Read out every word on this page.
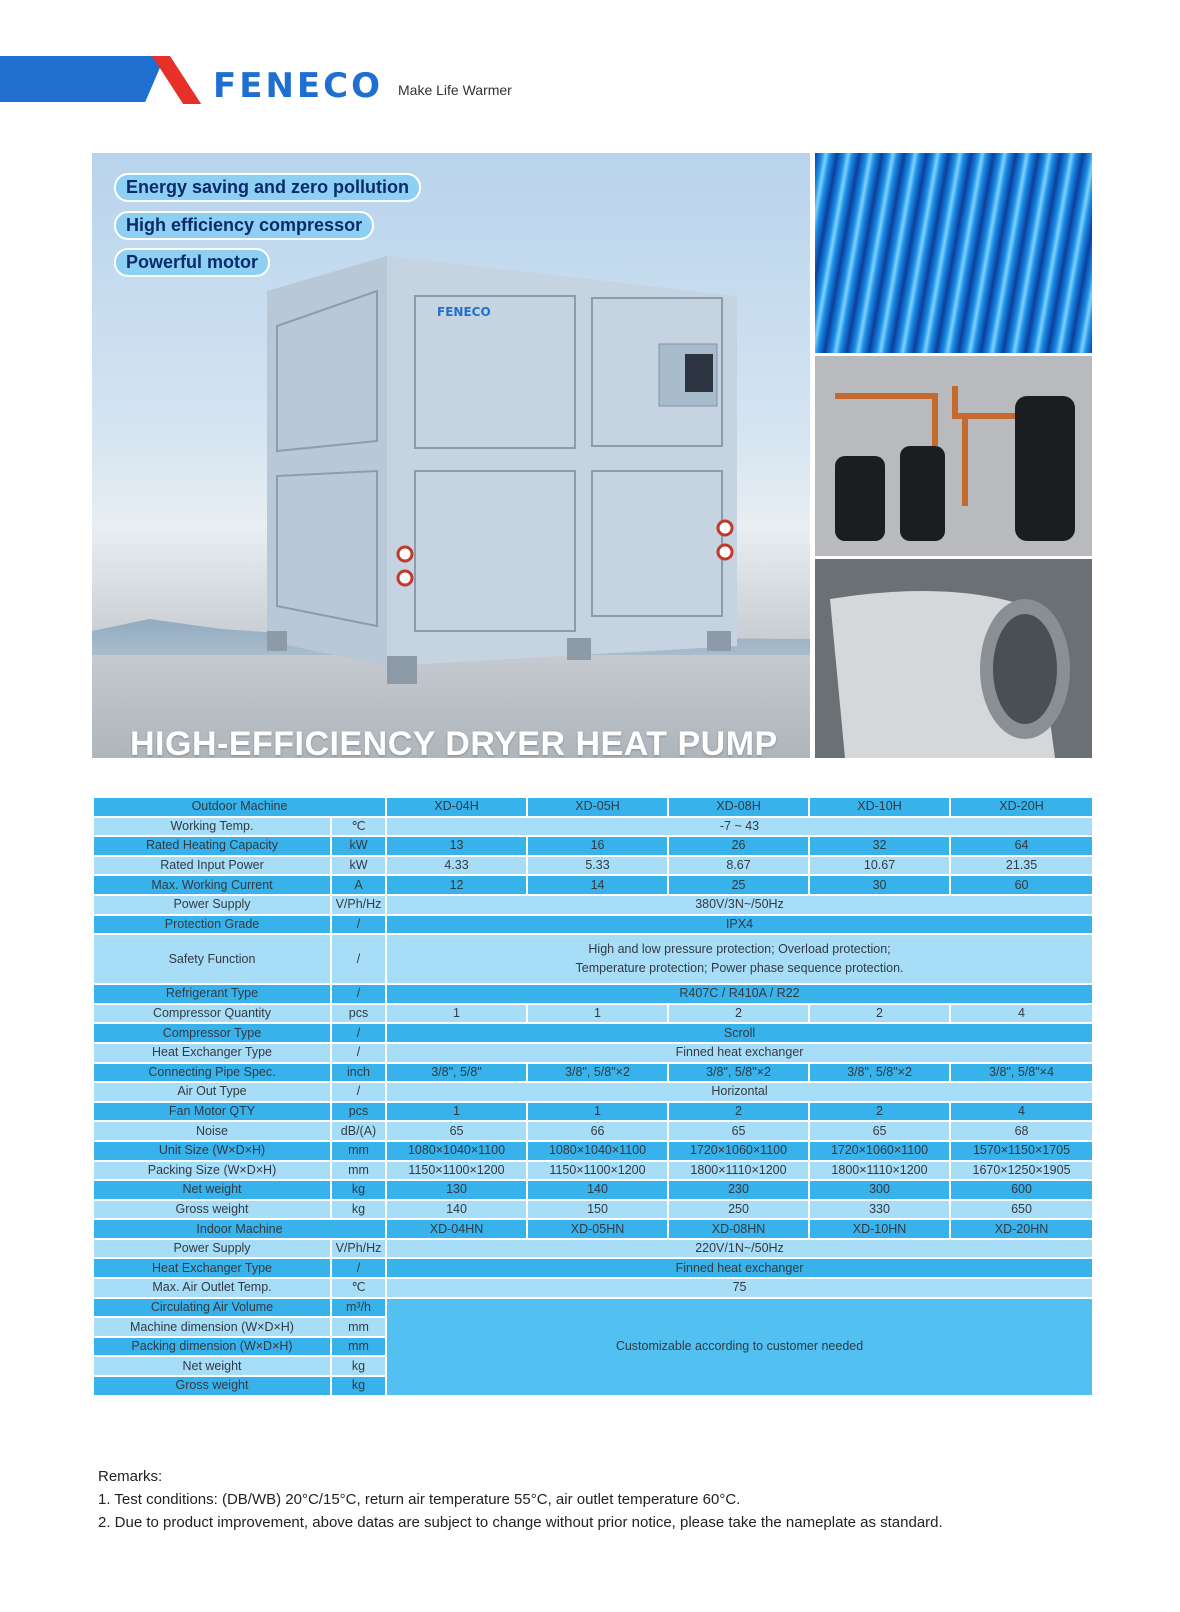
FENECO Make Life Warmer
FENECO
Energy saving and zero pollution
High efficiency compressor
Powerful motor
HIGH-EFFICIENCY DRYER HEAT PUMP
Outdoor Machine		XD-04H	XD-05H	XD-08H	XD-10H	XD-20H
Working Temp.	℃	-7 ~ 43				
Rated Heating Capacity	kW	13	16	26	32	64
Rated Input Power	kW	4.33	5.33	8.67	10.67	21.35
Max. Working Current	A	12	14	25	30	60
Power Supply	V/Ph/Hz	380V/3N~/50Hz				
Protection Grade	/	IPX4				
Safety Function	/	High and low pressure protection; Overload protection;
Temperature protection; Power phase sequence protection.				

Refrigerant Type	/	R407C / R410A / R22				
Compressor Quantity	pcs	1	1	2	2	4
Compressor Type	/	Scroll				
Heat Exchanger Type	/	Finned heat exchanger				
Connecting Pipe Spec.	inch	3/8", 5/8"	3/8", 5/8"×2	3/8", 5/8"×2	3/8", 5/8"×2	3/8", 5/8"×4
Air Out Type	/	Horizontal				
Fan Motor QTY	pcs	1	1	2	2	4
Noise	dB/(A)	65	66	65	65	68
Unit Size (W×D×H)	mm	1080×1040×1100	1080×1040×1100	1720×1060×1100	1720×1060×1100	1570×1150×1705
Packing Size (W×D×H)	mm	1150×1100×1200	1150×1100×1200	1800×1110×1200	1800×1110×1200	1670×1250×1905
Net weight	kg	130	140	230	300	600
Gross weight	kg	140	150	250	330	650
Indoor Machine		XD-04HN	XD-05HN	XD-08HN	XD-10HN	XD-20HN
Power Supply	V/Ph/Hz	220V/1N~/50Hz				
Heat Exchanger Type	/	Finned heat exchanger				
Max. Air Outlet Temp.	℃	75				
Circulating Air Volume	m³/h	Customizable according to customer needed				
Machine dimension (W×D×H)	mm					
Packing dimension (W×D×H)	mm					
Net weight	kg					
Gross weight	kg					
Remarks:
1. Test conditions: (DB/WB) 20°C/15°C, return air temperature 55°C, air outlet temperature 60°C.
2. Due to product improvement, above datas are subject to change without prior notice, please take the nameplate as standard.
